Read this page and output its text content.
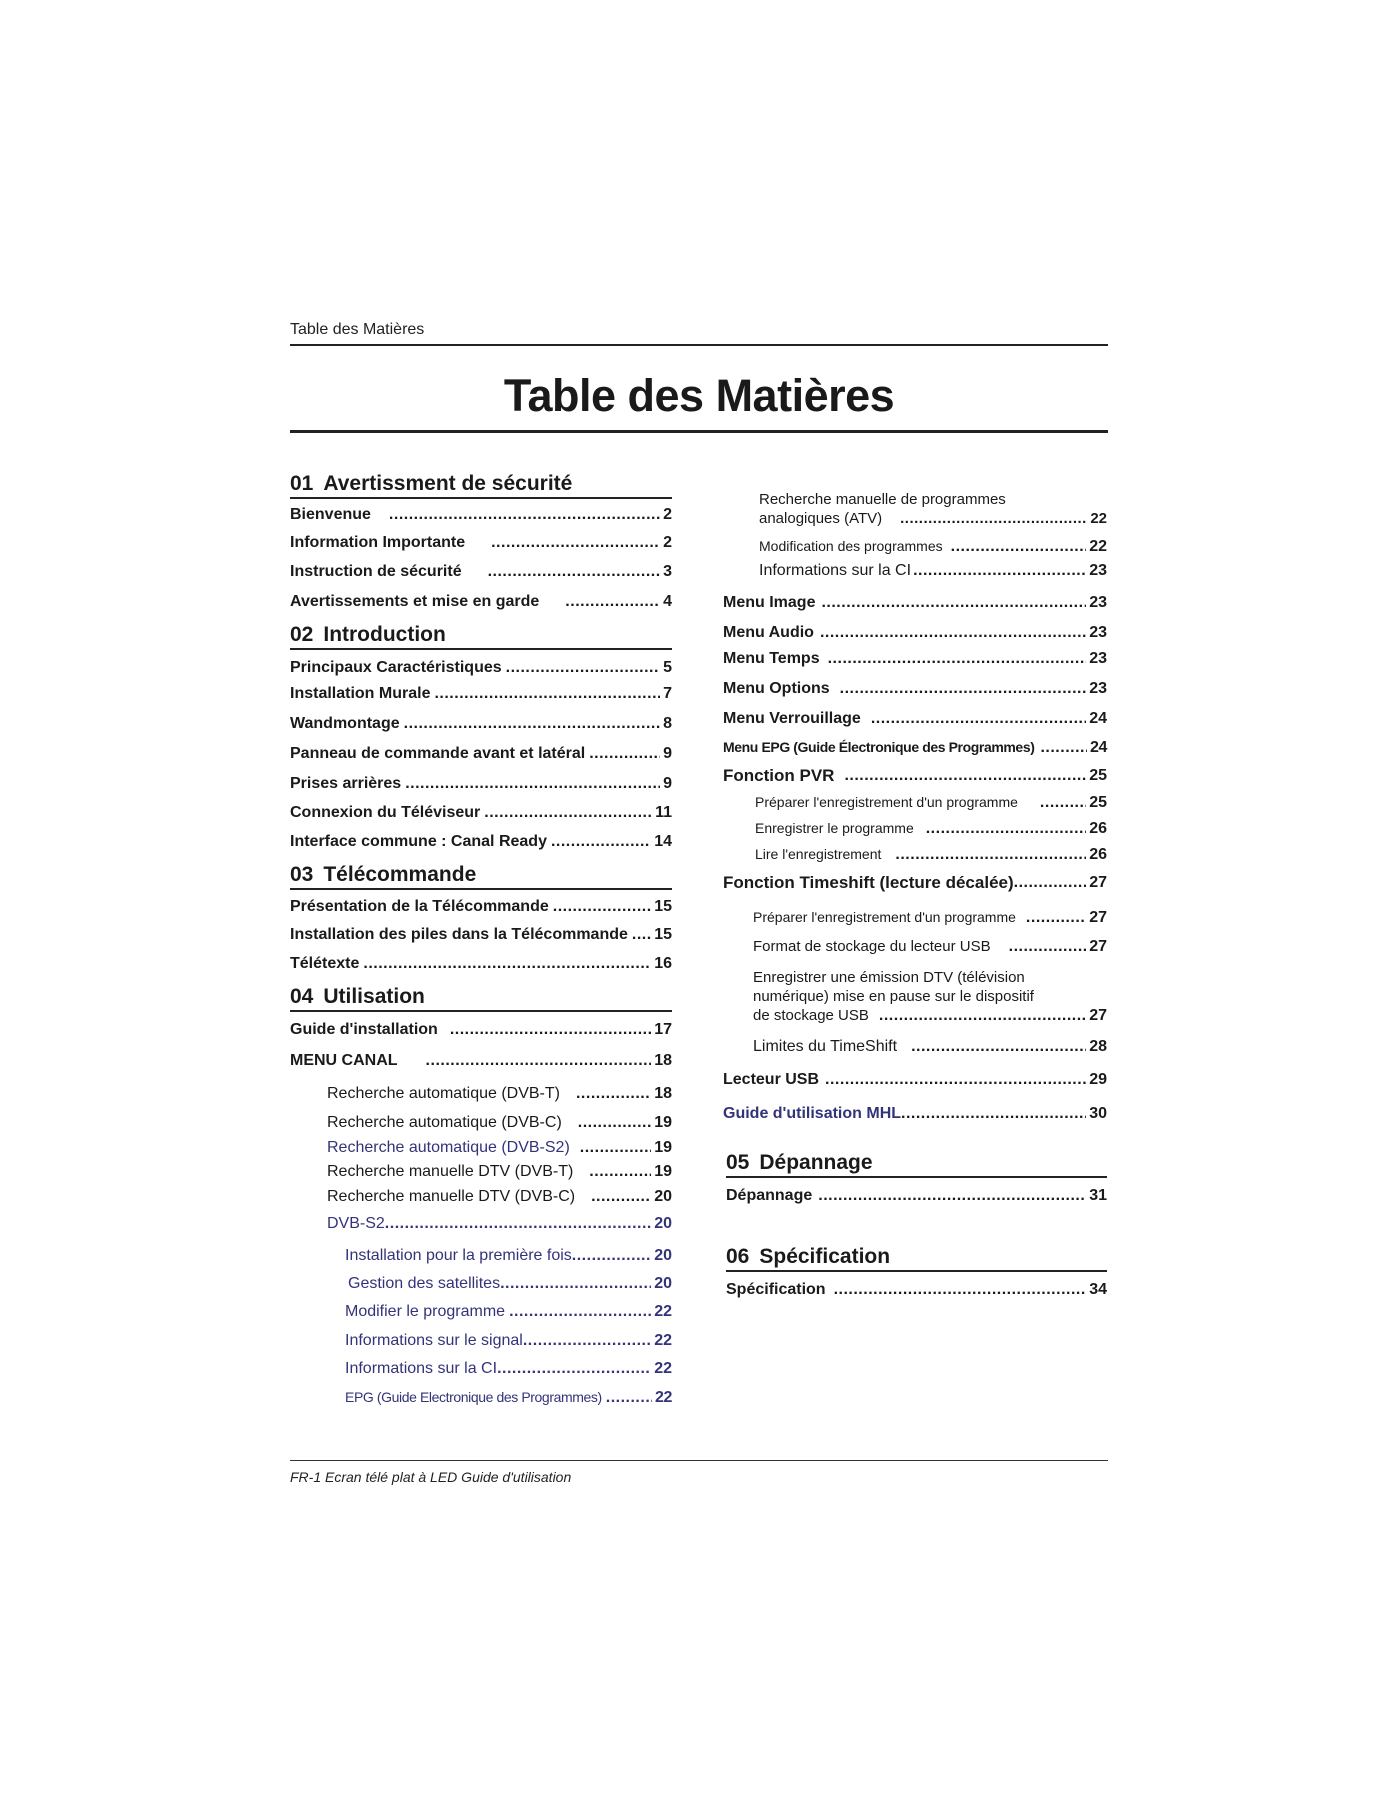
Table des Matières
Table des Matières
01 Avertissment de sécurité
Bienvenue .....	2
Information Importante .....	2
Instruction de sécurité .....	3
Avertissements et mise en garde .....	4
02 Introduction
Principaux Caractéristiques .....	5
Installation Murale .....	7
Wandmontage .....	8
Panneau de commande avant et latéral .....	9
Prises arrières .....	9
Connexion du Téléviseur .....	11
Interface commune : Canal Ready .....	14
03 Télécommande
Présentation de la Télécommande .....	15
Installation des piles dans la Télécommande ..... 15
Télétexte .....	16
04 Utilisation
Guide d'installation .....	17
MENU CANAL .....	18
Recherche automatique (DVB-T) .....	18
Recherche automatique (DVB-C) .....	19
Recherche automatique (DVB-S2) .....	19
Recherche manuelle DTV (DVB-T) .....	19
Recherche manuelle DTV (DVB-C) .....	20
DVB-S2 .....	20
Installation pour la première fois .....	20
Gestion des satellites .....	20
Modifier le programme .....	22
Informations sur le signal .....	22
Informations sur la CI .....	22
EPG (Guide Electronique des Programmes) .....	22
Recherche manuelle de programmes
analogiques (ATV) .....	22
Modification des programmes .....	22
Informations sur la CI .....	23
Menu Image .....	23
Menu Audio .....	23
Menu Temps .....	23
Menu Options .....	23
Menu Verrouillage .....	24
Menu EPG (Guide Électronique des Programmes) .....	24
Fonction PVR .....	25
Préparer l'enregistrement d'un programme .....	25
Enregistrer le programme .....	26
Lire l'enregistrement .....	26
Fonction Timeshift (lecture décalée) .....	27
Préparer l'enregistrement d'un programme .....	27
Format de stockage du lecteur USB .....	27
Enregistrer une émission DTV (télévision
numérique) mise en pause sur le dispositif
de stockage USB .....	27
Limites du TimeShift .....	28
Lecteur USB .....	29
Guide d'utilisation MHL .....	30
05 Dépannage
Dépannage .....	31
06 Spécification
Spécification .....	34
FR-1 Ecran télé plat à LED Guide d'utilisation
